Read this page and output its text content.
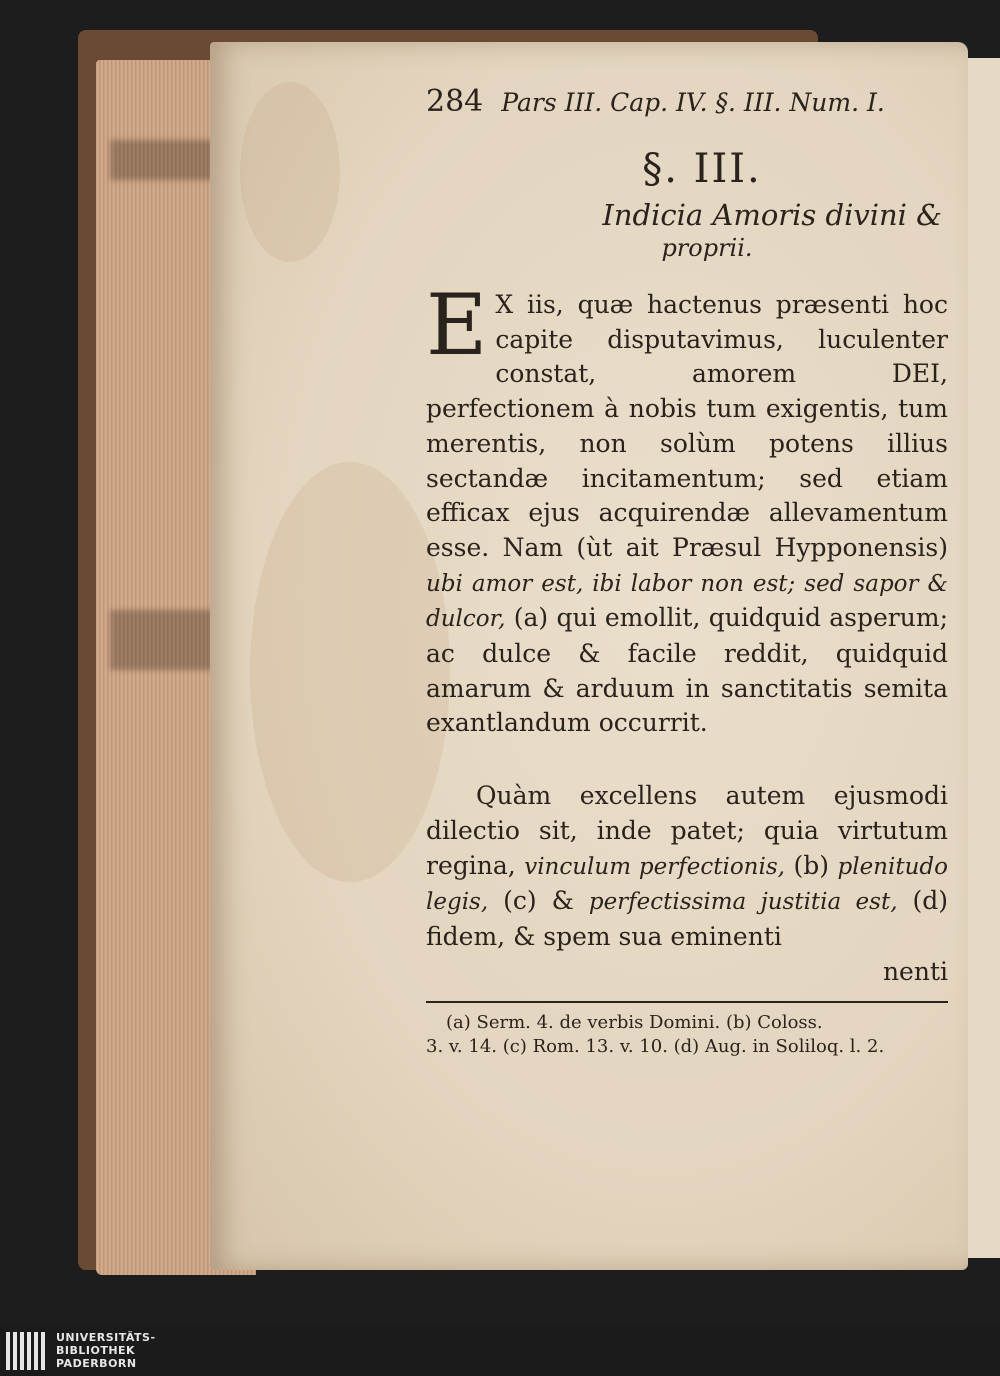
284 Pars III. Cap. IV. §. III. Num. I.
§. III.
Indicia Amoris divini &
proprii.

E X iis, quæ hactenus præsenti hoc capite disputavimus, luculenter constat, amorem DEI, perfectionem à nobis tum exigentis, tum merentis, non solùm potens illius sectandæ incitamentum; sed etiam efficax ejus acquirendæ allevamentum esse. Nam (ùt ait Præsul Hypponensis) ubi amor est, ibi labor non est; sed sapor & dulcor, (a) qui emollit, quidquid asperum; ac dulce & facile reddit, quidquid amarum & arduum in sanctitatis semita exantlandum occurrit.

Quàm excellens autem ejusmodi dilectio sit, inde patet; quia virtutum regina, vinculum perfectionis, (b) plenitudo legis, (c) & perfectissima justitia est, (d) fidem, & spem sua eminenti

nenti
(a) Serm. 4. de verbis Domini. (b) Coloss.
3. v. 14. (c) Rom. 13. v. 10. (d) Aug. in Soliloq. l. 2.
UNIVERSITÄTS-
BIBLIOTHEK
PADERBORN
